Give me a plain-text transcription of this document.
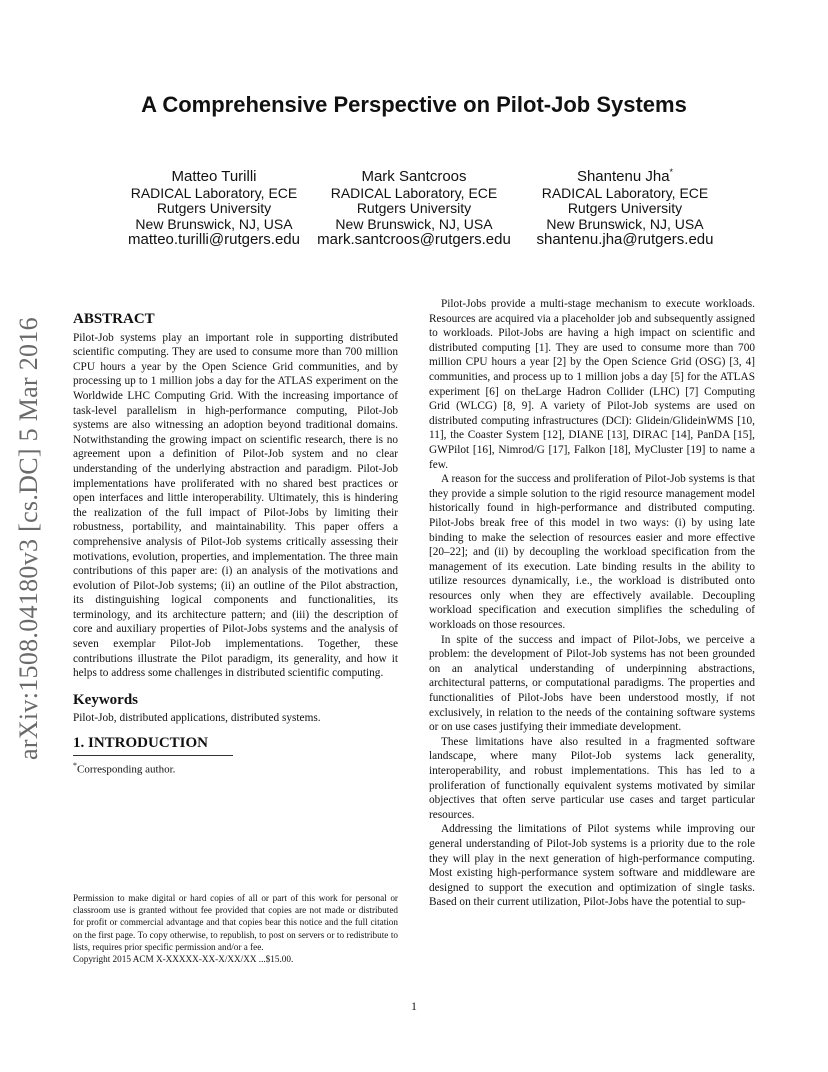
A Comprehensive Perspective on Pilot-Job Systems
Matteo Turilli
RADICAL Laboratory, ECE
Rutgers University
New Brunswick, NJ, USA

matteo.turilli@rutgers.edu
Mark Santcroos
RADICAL Laboratory, ECE
Rutgers University
New Brunswick, NJ, USA

mark.santcroos@rutgers.edu
Shantenu Jha*
RADICAL Laboratory, ECE
Rutgers University
New Brunswick, NJ, USA

shantenu.jha@rutgers.edu
arXiv:1508.04180v3 [cs.DC] 5 Mar 2016 ABSTRACT

Pilot-Job systems play an important role in supporting distributed scientific computing. They are used to consume more than 700 million CPU hours a year by the Open Science Grid communities, and by processing up to 1 million jobs a day for the ATLAS experiment on the Worldwide LHC Computing Grid. With the increasing importance of task-level parallelism in high-performance computing, Pilot-Job systems are also witnessing an adoption beyond traditional domains. Notwithstanding the growing impact on scientific research, there is no agreement upon a definition of Pilot-Job system and no clear understanding of the underlying abstraction and paradigm. Pilot-Job implementations have proliferated with no shared best practices or open interfaces and little interoperability. Ultimately, this is hindering the realization of the full impact of Pilot-Jobs by limiting their robustness, portability, and maintainability. This paper offers a comprehensive analysis of Pilot-Job systems critically assessing their motivations, evolution, properties, and implementation. The three main contributions of this paper are: (i) an analysis of the motivations and evolution of Pilot-Job systems; (ii) an outline of the Pilot abstraction, its distinguishing logical components and functionalities, its terminology, and its architecture pattern; and (iii) the description of core and auxiliary properties of Pilot-Jobs systems and the analysis of seven exemplar Pilot-Job implementations. Together, these contributions illustrate the Pilot paradigm, its generality, and how it helps to address some challenges in distributed scientific computing.

Keywords

Pilot-Job, distributed applications, distributed systems.

1. INTRODUCTION

*Corresponding author.

Permission to make digital or hard copies of all or part of this work for personal or classroom use is granted without fee provided that copies are not made or distributed for profit or commercial advantage and that copies bear this notice and the full citation on the first page. To copy otherwise, to republish, to post on servers or to redistribute to lists, requires prior specific permission and/or a fee.

Copyright 2015 ACM X-XXXXX-XX-X/XX/XX ...$15.00.

Pilot-Jobs provide a multi-stage mechanism to execute workloads. Resources are acquired via a placeholder job and subsequently assigned to workloads. Pilot-Jobs are having a high impact on scientific and distributed computing [1]. They are used to consume more than 700 million CPU hours a year [2] by the Open Science Grid (OSG) [3, 4] communities, and process up to 1 million jobs a day [5] for the ATLAS experiment [6] on theLarge Hadron Collider (LHC) [7] Computing Grid (WLCG) [8, 9]. A variety of Pilot-Job systems are used on distributed computing infrastructures (DCI): Glidein/GlideinWMS [10, 11], the Coaster System [12], DIANE [13], DIRAC [14], PanDA [15], GWPilot [16], Nimrod/G [17], Falkon [18], MyCluster [19] to name a few.

A reason for the success and proliferation of Pilot-Job systems is that they provide a simple solution to the rigid resource management model historically found in high-performance and distributed computing. Pilot-Jobs break free of this model in two ways: (i) by using late binding to make the selection of resources easier and more effective [20–22]; and (ii) by decoupling the workload specification from the management of its execution. Late binding results in the ability to utilize resources dynamically, i.e., the workload is distributed onto resources only when they are effectively available. Decoupling workload specification and execution simplifies the scheduling of workloads on those resources.

In spite of the success and impact of Pilot-Jobs, we perceive a problem: the development of Pilot-Job systems has not been grounded on an analytical understanding of underpinning abstractions, architectural patterns, or computational paradigms. The properties and functionalities of Pilot-Jobs have been understood mostly, if not exclusively, in relation to the needs of the containing software systems or on use cases justifying their immediate development.

These limitations have also resulted in a fragmented software landscape, where many Pilot-Job systems lack generality, interoperability, and robust implementations. This has led to a proliferation of functionally equivalent systems motivated by similar objectives that often serve particular use cases and target particular resources.

Addressing the limitations of Pilot systems while improving our general understanding of Pilot-Job systems is a priority due to the role they will play in the next generation of high-performance computing. Most existing high-performance system software and middleware are designed to support the execution and optimization of single tasks. Based on their current utilization, Pilot-Jobs have the potential to sup-

1
